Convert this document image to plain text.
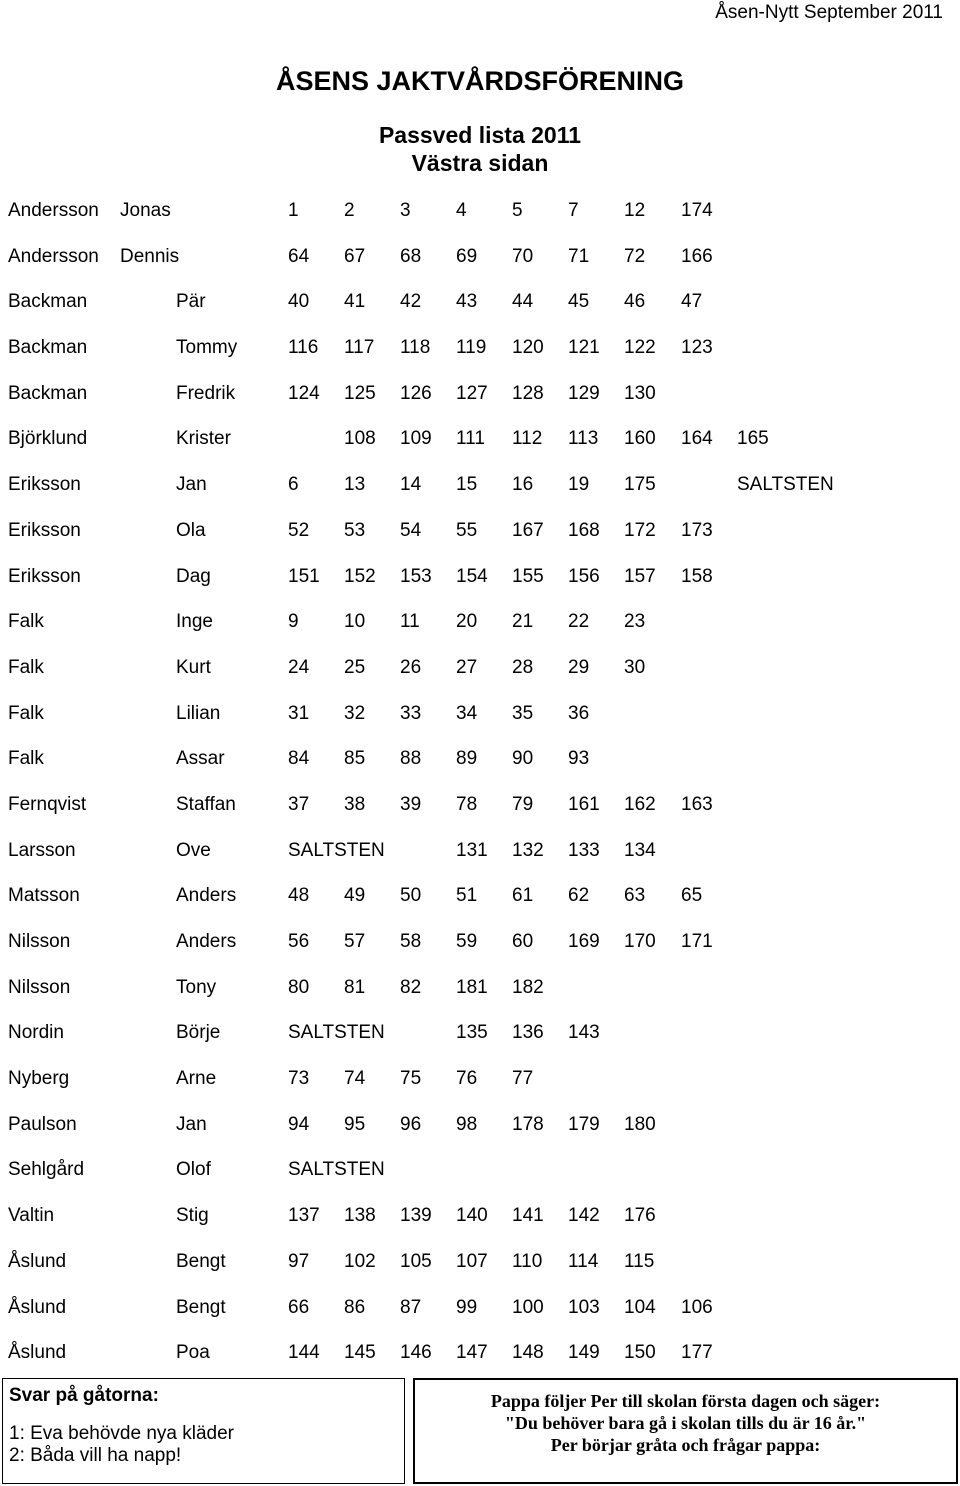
Åsen-Nytt September 2011
ÅSENS JAKTVÅRDSFÖRENING
Passved lista 2011
Västra sidan
Andersson Jonas	1 2 3 4 5 7 12 174
Andersson Dennis	64 67 68 69 70 71 72 166
Backman	Pär	40 41 42 43 44 45 46 47
Backman	Tommy	116 117 118 119 120 121 122 123
Backman	Fredrik	124 125 126 127 128 129 130
Björklund	Krister	108 109 111 112 113 160 164 165
Eriksson	Jan	6 13 14 15 16 19 175	SALTSTEN
Eriksson	Ola	52 53 54 55 167 168 172 173
Eriksson	Dag	151 152 153 154 155 156 157 158
Falk	Inge	9 10 11 20 21 22 23
Falk	Kurt	24 25 26 27 28 29 30
Falk	Lilian	31 32 33 34 35 36
Falk	Assar	84 85 88 89 90 93
Fernqvist	Staffan	37 38 39 78 79 161 162 163
Larsson	Ove	SALTSTEN	131 132 133 134
Matsson	Anders	48 49 50 51 61 62 63 65
Nilsson	Anders	56 57 58 59 60 169 170 171
Nilsson	Tony	80 81 82 181 182
Nordin	Börje	SALTSTEN	135 136 143
Nyberg	Arne	73 74 75 76 77
Paulson	Jan	94 95 96 98 178 179 180
Sehlgård	Olof	SALTSTEN
Valtin	Stig	137 138 139 140 141 142 176
Åslund	Bengt	97 102 105 107 110 114 115
Åslund	Bengt	66 86 87 99 100 103 104 106
Åslund	Poa	144 145 146 147 148 149 150 177
Svar på gåtorna:
1: Eva behövde nya kläder
2: Båda vill ha napp!
Pappa följer Per till skolan första dagen och säger:
"Du behöver bara gå i skolan tills du är 16 år."
Per börjar gråta och frågar pappa:
